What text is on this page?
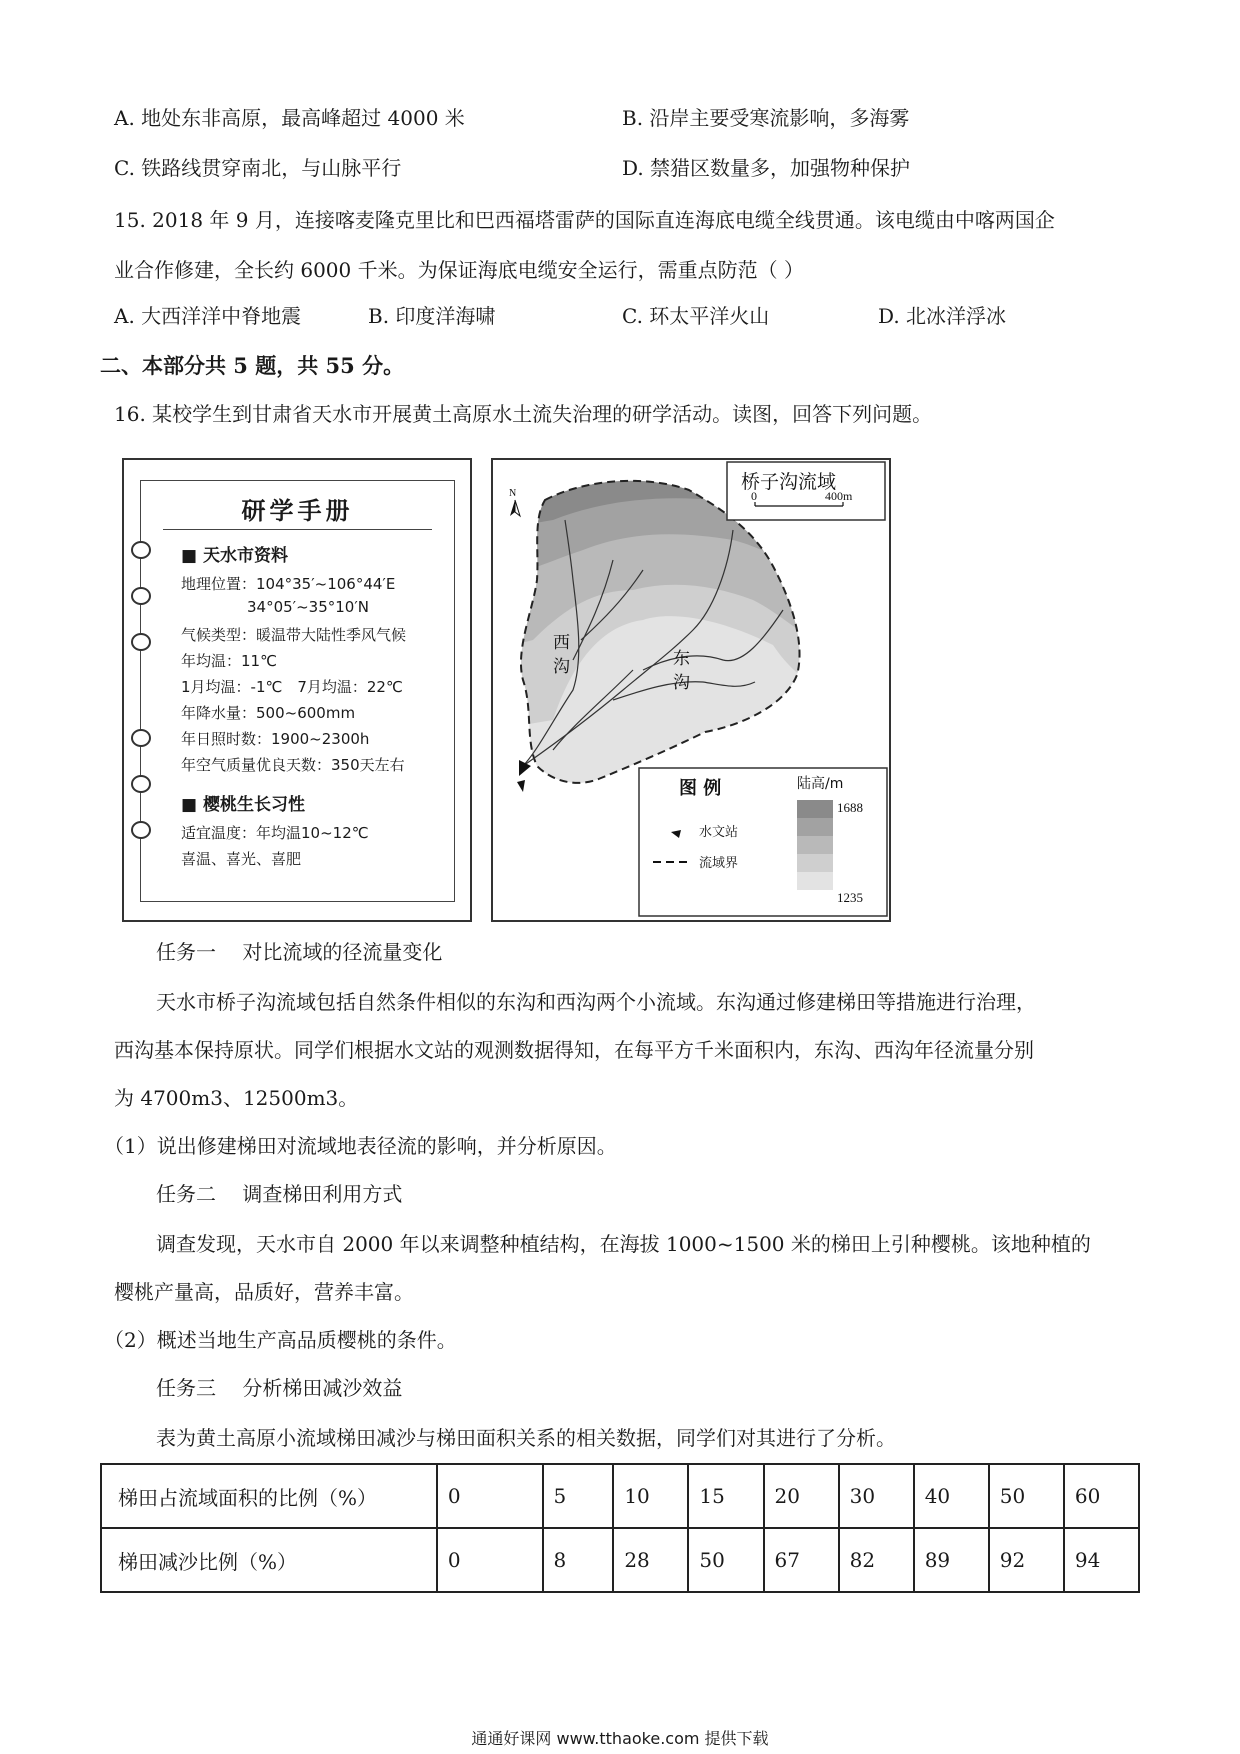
A. 地处东非高原，最高峰超过 4000 米	B. 沿岸主要受寒流影响，多海雾
C. 铁路线贯穿南北，与山脉平行	D. 禁猎区数量多，加强物种保护
15. 2018 年 9 月，连接喀麦隆克里比和巴西福塔雷萨的国际直连海底电缆全线贯通。该电缆由中喀两国企
业合作修建，全长约 6000 千米。为保证海底电缆安全运行，需重点防范（ ）
A. 大西洋洋中脊地震	B. 印度洋海啸	C. 环太平洋火山	D. 北冰洋浮冰
二、本部分共 5 题，共 55 分。
16. 某校学生到甘肃省天水市开展黄土高原水土流失治理的研学活动。读图，回答下列问题。
研学手册
■ 天水市资料
地理位置：104°35′~106°44′E
34°05′~35°10′N
气候类型：暖温带大陆性季风气候
年均温：11℃
1月均温：-1℃　7月均温：22℃
年降水量：500~600mm
年日照时数：1900~2300h
年空气质量优良天数：350天左右
■ 樱桃生长习性
适宜温度：年均温10~12℃
喜温、喜光、喜肥
N
桥子沟流域
0	400m
西
沟	东
沟
图 例
水文站
流域界
陆高/m
1688
1235
任务一　 对比流域的径流量变化
天水市桥子沟流域包括自然条件相似的东沟和西沟两个小流域。东沟通过修建梯田等措施进行治理，
西沟基本保持原状。同学们根据水文站的观测数据得知，在每平方千米面积内，东沟、西沟年径流量分别
为 4700m3、12500m3。
（1）说出修建梯田对流域地表径流的影响，并分析原因。
任务二　 调查梯田利用方式
调查发现，天水市自 2000 年以来调整种植结构，在海拔 1000~1500 米的梯田上引种樱桃。该地种植的
樱桃产量高，品质好，营养丰富。
（2）概述当地生产高品质樱桃的条件。
任务三　 分析梯田减沙效益
表为黄土高原小流域梯田减沙与梯田面积关系的相关数据，同学们对其进行了分析。
梯田占流域面积的比例（%）	0	5	10	15	20	30	40	50	60
梯田减沙比例（%）	0	8	28	50	67	82	89	92	94
通通好课网 www.tthaoke.com 提供下载
